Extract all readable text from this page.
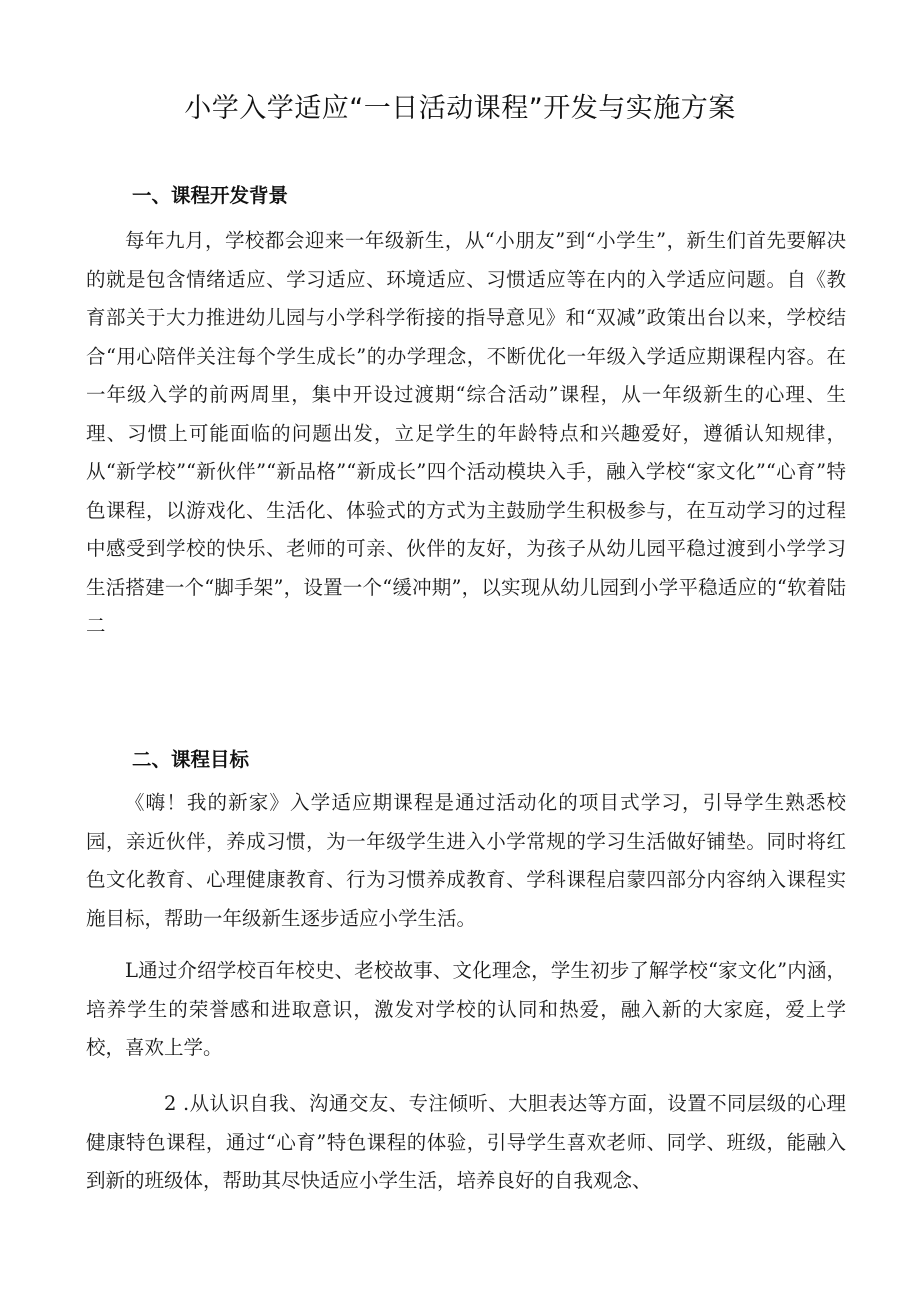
小学入学适应“一日活动课程”开发与实施方案
一、课程开发背景

每年九月，学校都会迎来一年级新生，从“小朋友”到“小学生”，新生们首先要解决的就是包含情绪适应、学习适应、环境适应、习惯适应等在内的入学适应问题。自《教育部关于大力推进幼儿园与小学科学衔接的指导意见》和“双减”政策出台以来，学校结合“用心陪伴关注每个学生成长”的办学理念，不断优化一年级入学适应期课程内容。在一年级入学的前两周里，集中开设过渡期“综合活动”课程，从一年级新生的心理、生理、习惯上可能面临的问题出发，立足学生的年龄特点和兴趣爱好，遵循认知规律，从“新学校”“新伙伴”“新品格”“新成长”四个活动模块入手，融入学校“家文化”“心育”特色课程，以游戏化、生活化、体验式的方式为主鼓励学生积极参与，在互动学习的过程中感受到学校的快乐、老师的可亲、伙伴的友好，为孩子从幼儿园平稳过渡到小学学习生活搭建一个“脚手架”，设置一个“缓冲期”，以实现从幼儿园到小学平稳适应的“软着陆二

二、课程目标

《嗨！我的新家》入学适应期课程是通过活动化的项目式学习，引导学生熟悉校园，亲近伙伴，养成习惯，为一年级学生进入小学常规的学习生活做好铺垫。同时将红色文化教育、心理健康教育、行为习惯养成教育、学科课程启蒙四部分内容纳入课程实施目标，帮助一年级新生逐步适应小学生活。

L通过介绍学校百年校史、老校故事、文化理念，学生初步了解学校“家文化”内涵，培养学生的荣誉感和进取意识，激发对学校的认同和热爱，融入新的大家庭，爱上学校，喜欢上学。

2 .从认识自我、沟通交友、专注倾听、大胆表达等方面，设置不同层级的心理健康特色课程，通过“心育”特色课程的体验，引导学生喜欢老师、同学、班级，能融入到新的班级体，帮助其尽快适应小学生活，培养良好的自我观念、
